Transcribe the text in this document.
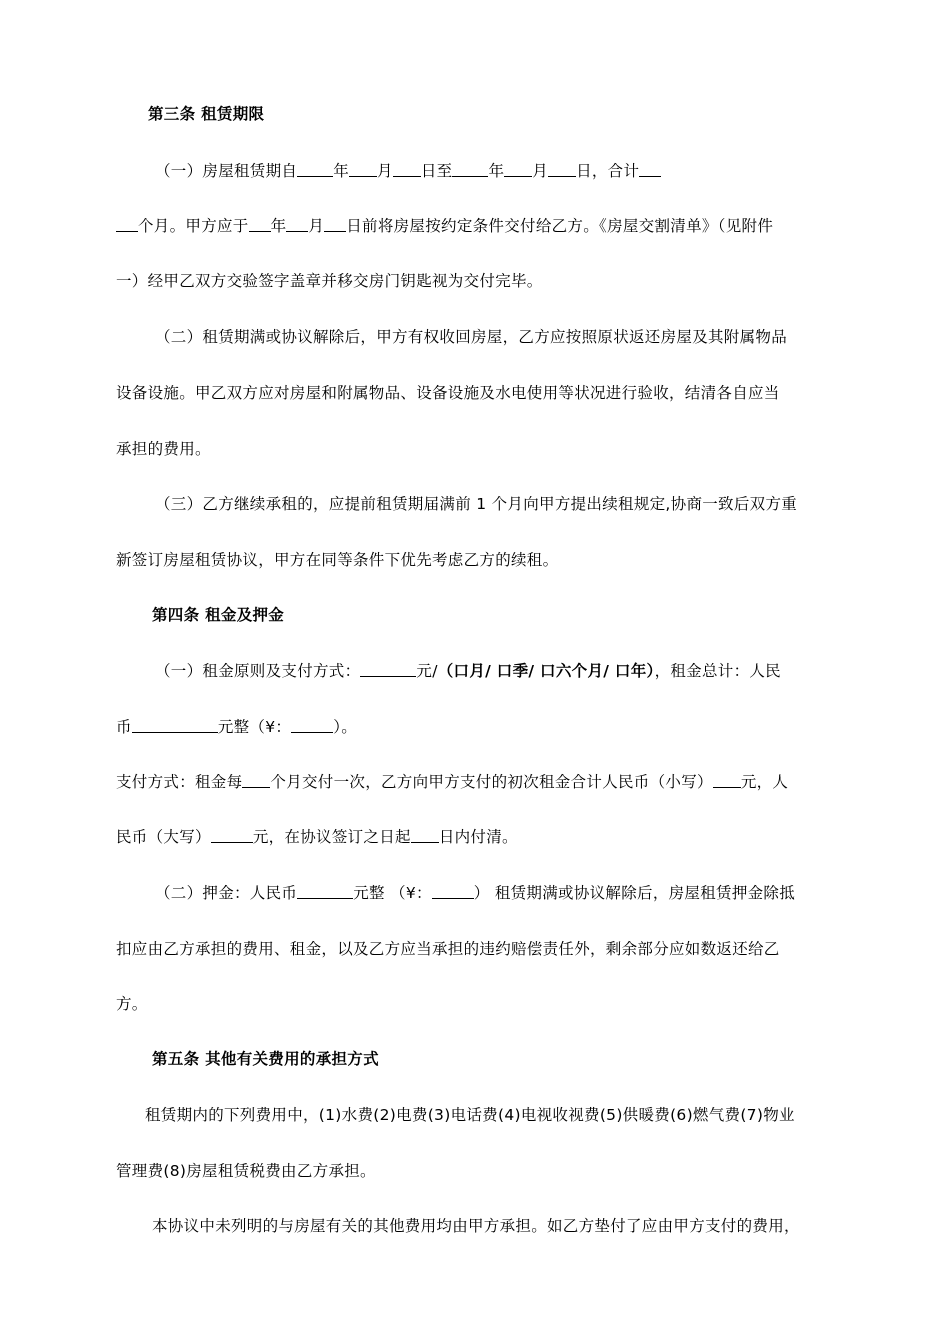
第三条 租赁期限
（一）房屋租赁期自 年 月 日至 年 月 日，合计
个月。甲方应于 年 月 日前将房屋按约定条件交付给乙方。《房屋交割清单》（见附件
一）经甲乙双方交验签字盖章并移交房门钥匙视为交付完毕。
（二）租赁期满或协议解除后，甲方有权收回房屋，乙方应按照原状返还房屋及其附属物品
设备设施。甲乙双方应对房屋和附属物品、设备设施及水电使用等状况进行验收，结清各自应当
承担的费用。
（三）乙方继续承租的，应提前租赁期届满前 1 个月向甲方提出续租规定,协商一致后双方重
新签订房屋租赁协议，甲方在同等条件下优先考虑乙方的续租。
第四条 租金及押金
（一）租金原则及支付方式：	元/（口月/ 口季/ 口六个月/ 口年），租金总计：人民
币	元整（¥：	）。
支付方式：租金每 个月交付一次，乙方向甲方支付的初次租金合计人民币（小写） 元，人
民币（大写）	元，在协议签订之日起 日内付清。
（二）押金：人民币	元整 （¥：	） 租赁期满或协议解除后，房屋租赁押金除抵
扣应由乙方承担的费用、租金，以及乙方应当承担的违约赔偿责任外，剩余部分应如数返还给乙
方。
第五条 其他有关费用的承担方式
租赁期内的下列费用中，(1)水费(2)电费(3)电话费(4)电视收视费(5)供暖费(6)燃气费(7)物业
管理费(8)房屋租赁税费由乙方承担。
本协议中未列明的与房屋有关的其他费用均由甲方承担。如乙方垫付了应由甲方支付的费用，
